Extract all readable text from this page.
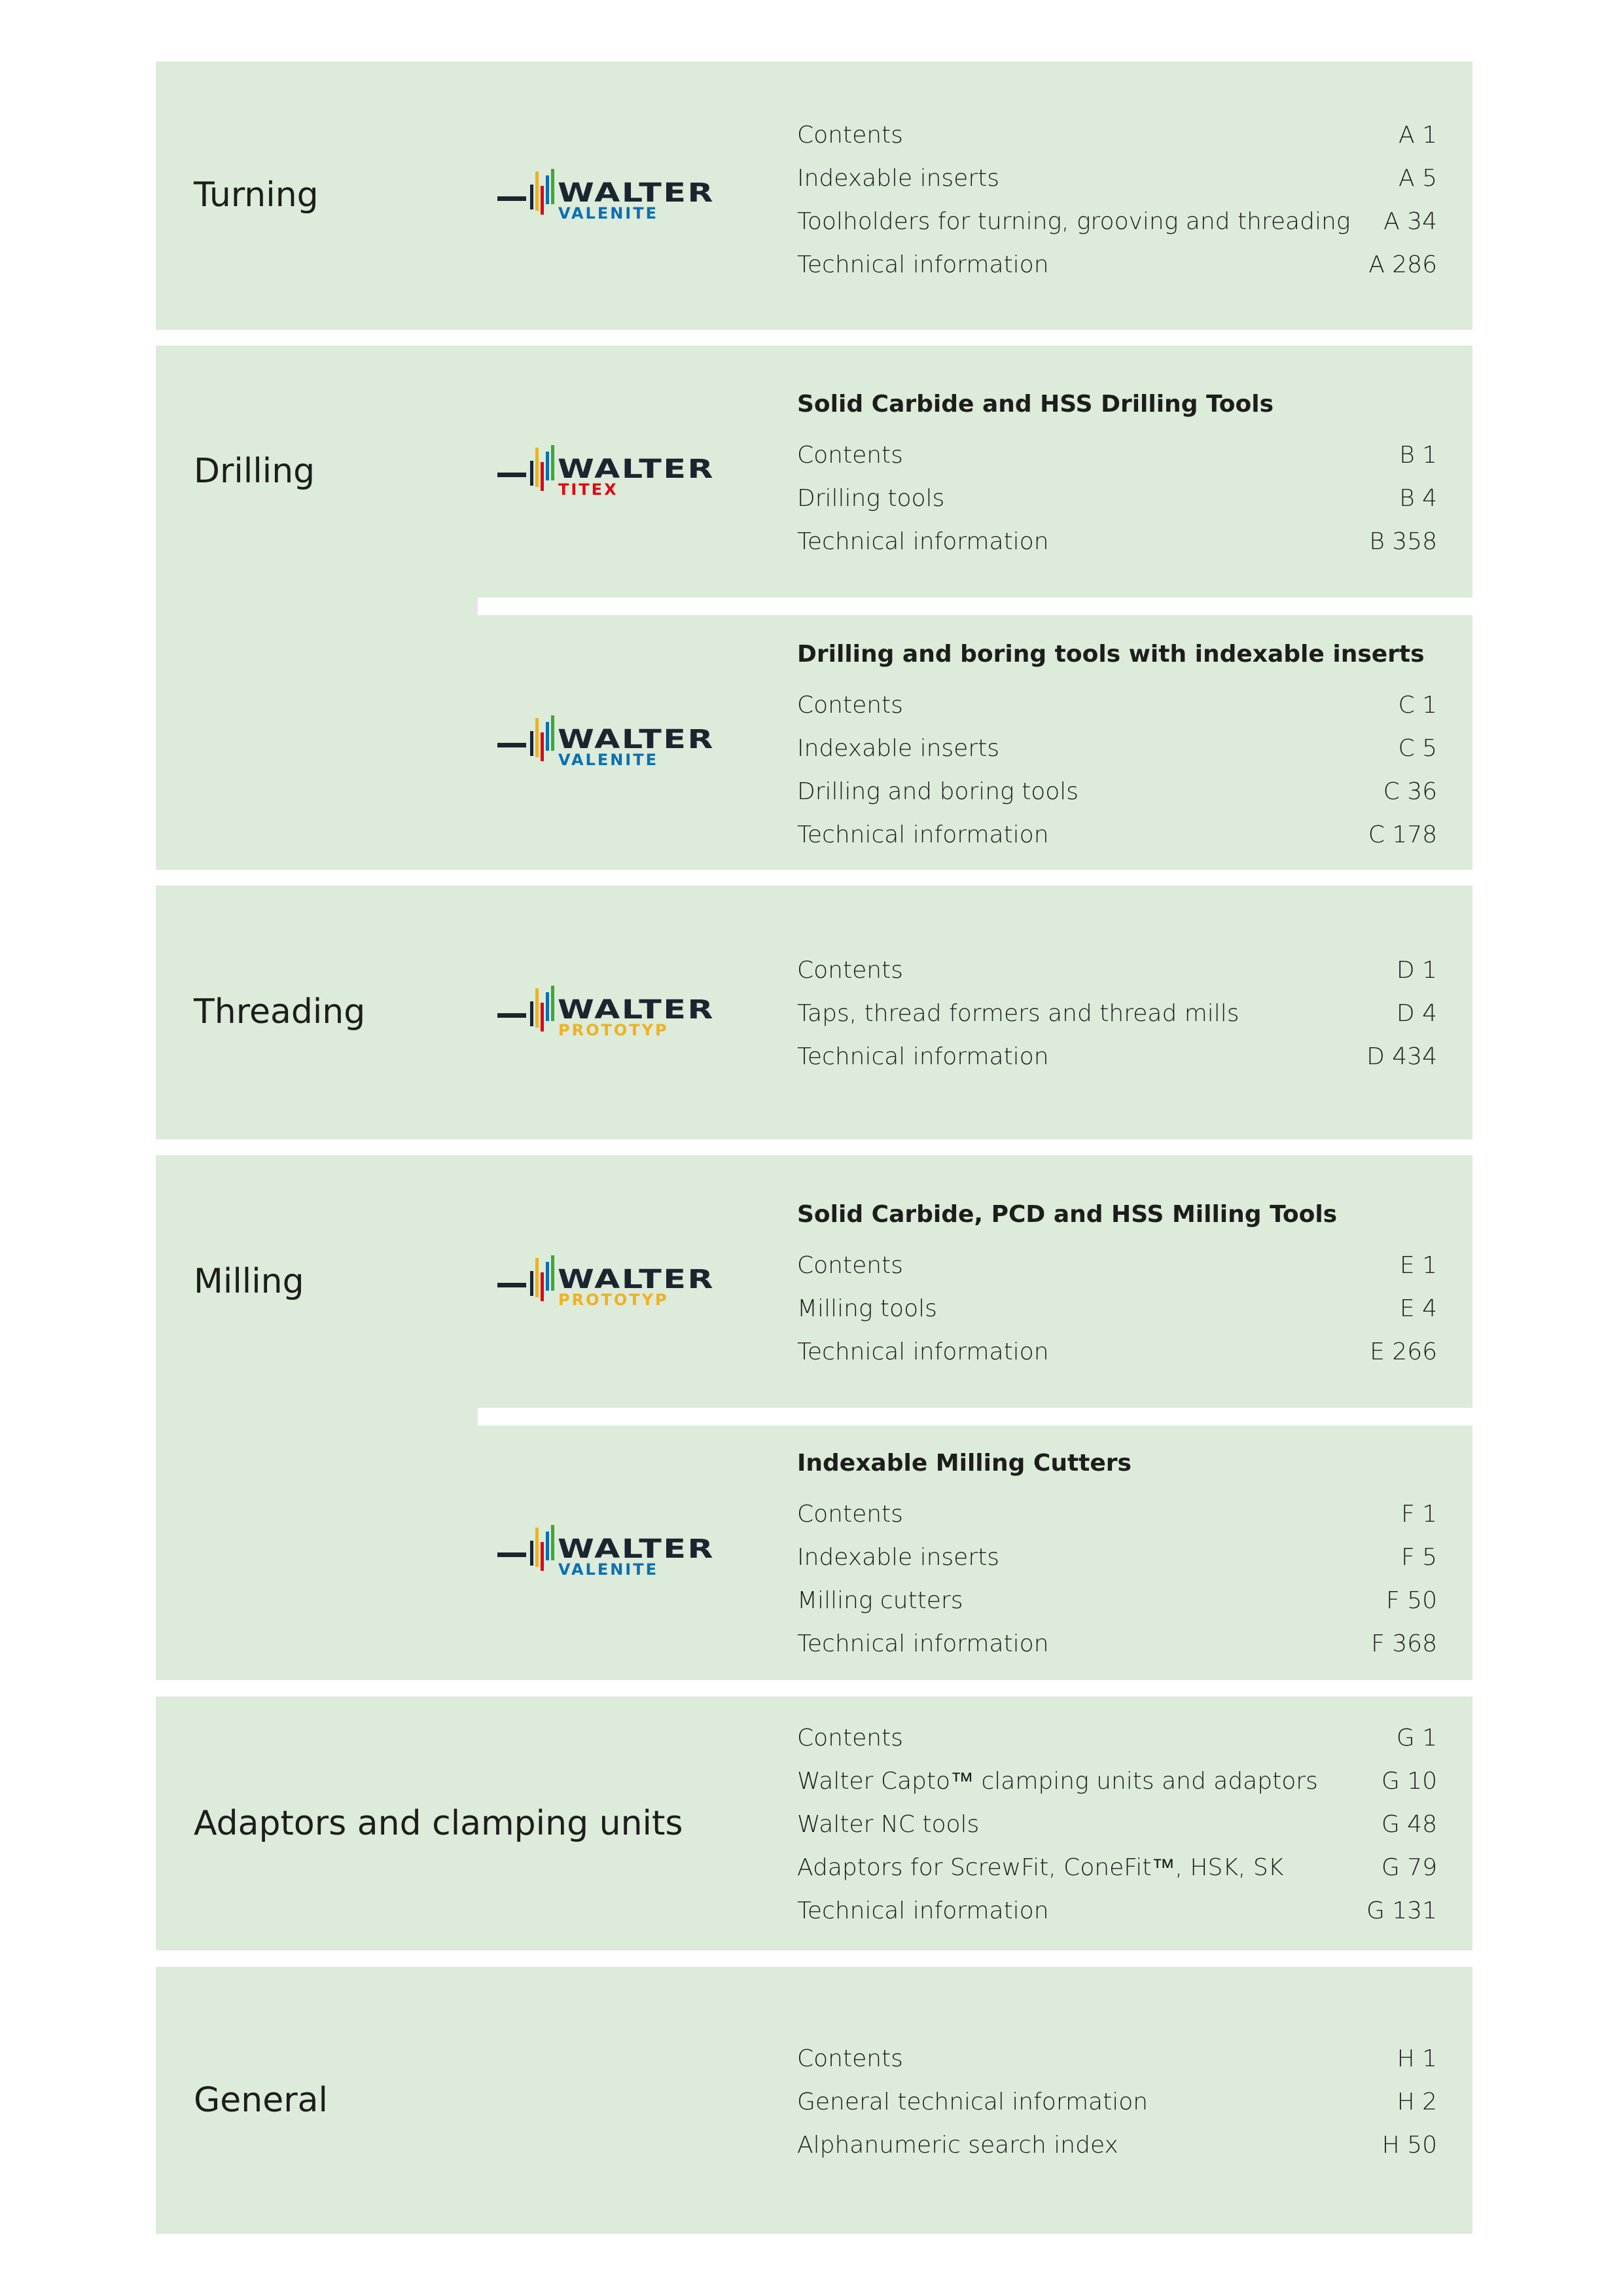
Turning
Drilling
Threading
Milling
Adaptors and clamping units
General
WALTER
VALENITE
WALTER
TITEX
WALTER
VALENITE
WALTER
PROTOTYP
WALTER
PROTOTYP
WALTER
VALENITE
Contents	A 1
Indexable inserts	A 5
Toolholders for turning, grooving and threading A 34
Technical information	A 286
Solid Carbide and HSS Drilling Tools
Contents	B 1
Drilling tools	B 4
Technical information	B 358
Drilling and boring tools with indexable inserts
Contents	C 1
Indexable inserts	C 5
Drilling and boring tools	C 36
Technical information	C 178
Contents	D 1
Taps, thread formers and thread mills	D 4
Technical information	D 434
Solid Carbide, PCD and HSS Milling Tools
Contents	E 1
Milling tools	E 4
Technical information	E 266
Indexable Milling Cutters
Contents	F 1
Indexable inserts	F 5
Milling cutters	F 50
Technical information	F 368
Contents	G 1
Walter Capto™ clamping units and adaptors	G 10
Walter NC tools	G 48
Adaptors for ScrewFit, ConeFit™, HSK, SK	G 79
Technical information	G 131
Contents	H 1
General technical information	H 2
Alphanumeric search index	H 50
